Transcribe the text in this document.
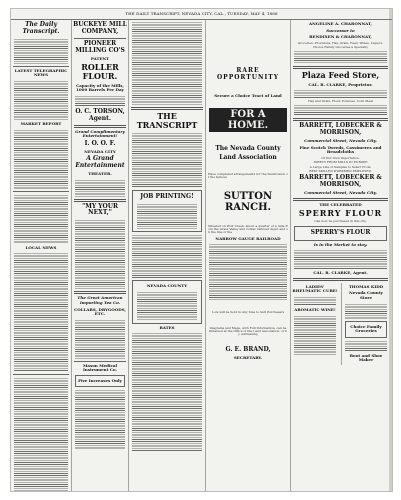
THE DAILY TRANSCRIPT, NEVADA CITY, CAL., TUESDAY, MAY 4, 1886
The Daily Transcript.
LATEST TELEGRAPHIC NEWS
MARKET REPORT
LOCAL NEWS
BUCKEYE MILL COMPANY,
PIONEER MILLING CO'S
PATENT
ROLLER FLOUR.
Capacity of the Mills, 1000 Barrels Per Day
O. C. TORSON, Agent.
Grand Complimentary Entertainment!
I. O. O. F.
NEVADA CITY
A Grand Entertainment
THEATER.
"MY YOUR NEXT,"
The Great American Importing Tea Co.
COLLARS, DRYGOODS, ETC.
Mason Medical Instrument Co.
Five Increases Only
THE TRANSCRIPT
JOB PRINTING!
NEVADA COUNTY
RATES
RARE OPPORTUNITY
Secure a Choice Tract of Land
FOR A HOME.
The Nevada County
Land Association
Have completed arrangements for the Subdivision of the famous
SUTTON RANCH.
Situated on Wolf Creek, about a quarter of a mile from the Grass Valley and Colfax railroad depot and on the line of the
NARROW GAUGE RAILROAD
Lots will be Sold in Any Size to Suit Purchasers
Diagrams and Maps, with Full Information, can be Obtained at the Office of the Land Association, or by addressing
G. E. BRAND,
SECRETARY.
ANGELINE A. CHARONNAT,
Successor to
BENDIXEN & CHARONNAT,
Groceries, Provisions, Hay, Grain, Feed, Wines, Liquors,
Choice Family Groceries a Specialty
Plaza Feed Store,
CAL. R. CLARKE, Proprietor.
Hay and Grain, Flour, Potatoes, Corn Meal
BARRETT, LOBECKER & MORRISON,
Commercial Street, Nevada City.
Fine Scotch Tweeds, Cassimeres and Broadcloths
Of Our Own Importation.
DIRECT FROM MILLS IN EUROPE
A Large Line of Samples to Select From.
BEST SKILLED WORKMEN EMPLOYED.
BARRETT, LOBECKER & MORRISON,
Commercial Street, Nevada City.
THE CELEBRATED
SPERRY FLOUR
Can now be purchased in this city.
SPERRY'S FLOUR
Is in the Market to stay.
CAL. R. CLARKE, Agent.
LADIES' RHEUMATIC CURE!
AROMATIC WINE!
THOMAS KIDD
Nevada County Store
Choice Family Groceries
Boot and Shoe Maker
